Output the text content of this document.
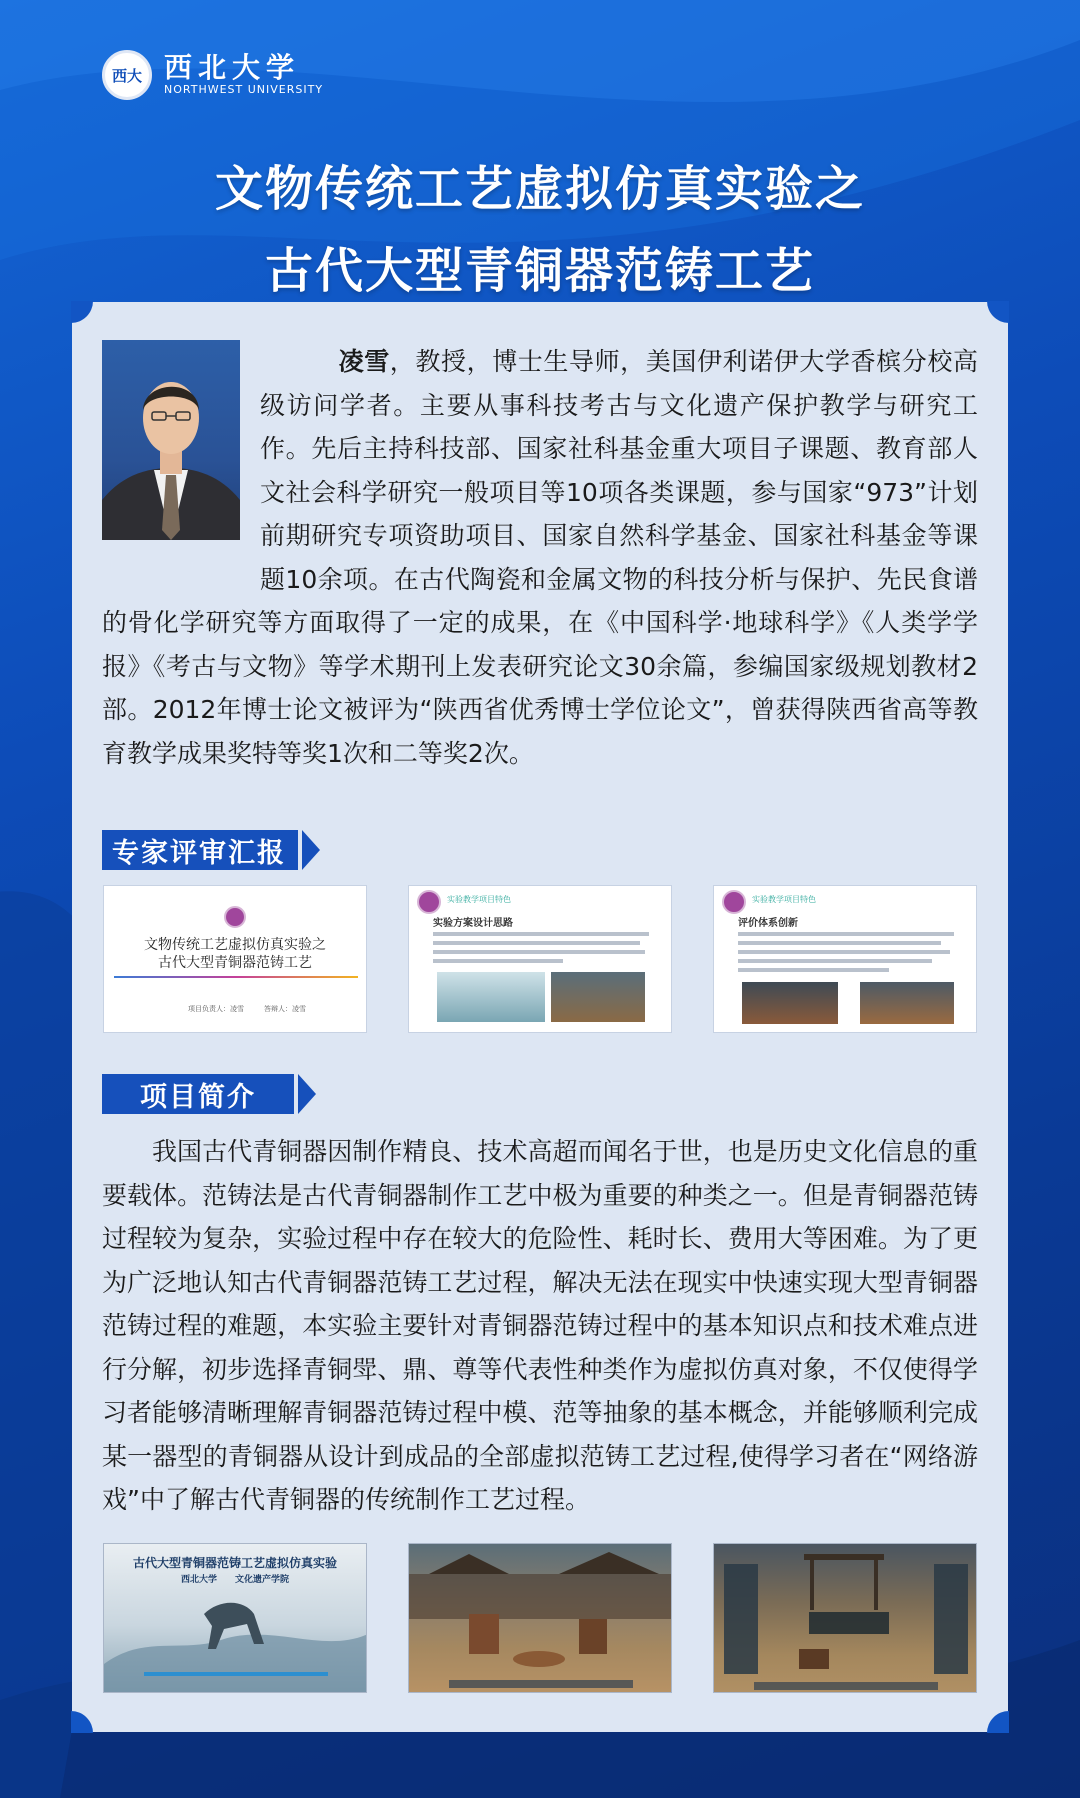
西大 西北大学
NORTHWEST UNIVERSITY
文物传统工艺虚拟仿真实验之
古代大型青铜器范铸工艺
凌雪，教授，博士生导师，美国伊利诺伊大学香槟分校高级访问学者。主要从事科技考古与文化遗产保护教学与研究工作。先后主持科技部、国家社科基金重大项目子课题、教育部人文社会科学研究一般项目等10项各类课题，参与国家“973”计划前期研究专项资助项目、国家自然科学基金、国家社科基金等课题10余项。在古代陶瓷和金属文物的科技分析与保护、先民食谱的骨化学研究等方面取得了一定的成果，在《中国科学·地球科学》《人类学学报》《考古与文物》等学术期刊上发表研究论文30余篇，参编国家级规划教材2部。2012年博士论文被评为“陕西省优秀博士学位论文”，曾获得陕西省高等教育教学成果奖特等奖1次和二等奖2次。
专家评审汇报
文物传统工艺虚拟仿真实验之
古代大型青铜器范铸工艺
项目负责人：凌雪	答辩人：凌雪
实验教学项目特色
实验方案设计思路
实验教学项目特色
评价体系创新
项目简介
我国古代青铜器因制作精良、技术高超而闻名于世，也是历史文化信息的重要载体。范铸法是古代青铜器制作工艺中极为重要的种类之一。但是青铜器范铸过程较为复杂，实验过程中存在较大的危险性、耗时长、费用大等困难。为了更为广泛地认知古代青铜器范铸工艺过程，解决无法在现实中快速实现大型青铜器范铸过程的难题，本实验主要针对青铜器范铸过程中的基本知识点和技术难点进行分解，初步选择青铜斝、鼎、尊等代表性种类作为虚拟仿真对象，不仅使得学习者能够清晰理解青铜器范铸过程中模、范等抽象的基本概念，并能够顺利完成某一器型的青铜器从设计到成品的全部虚拟范铸工艺过程,使得学习者在“网络游戏”中了解古代青铜器的传统制作工艺过程。
古代大型青铜器范铸工艺虚拟仿真实验
西北大学　　文化遗产学院
